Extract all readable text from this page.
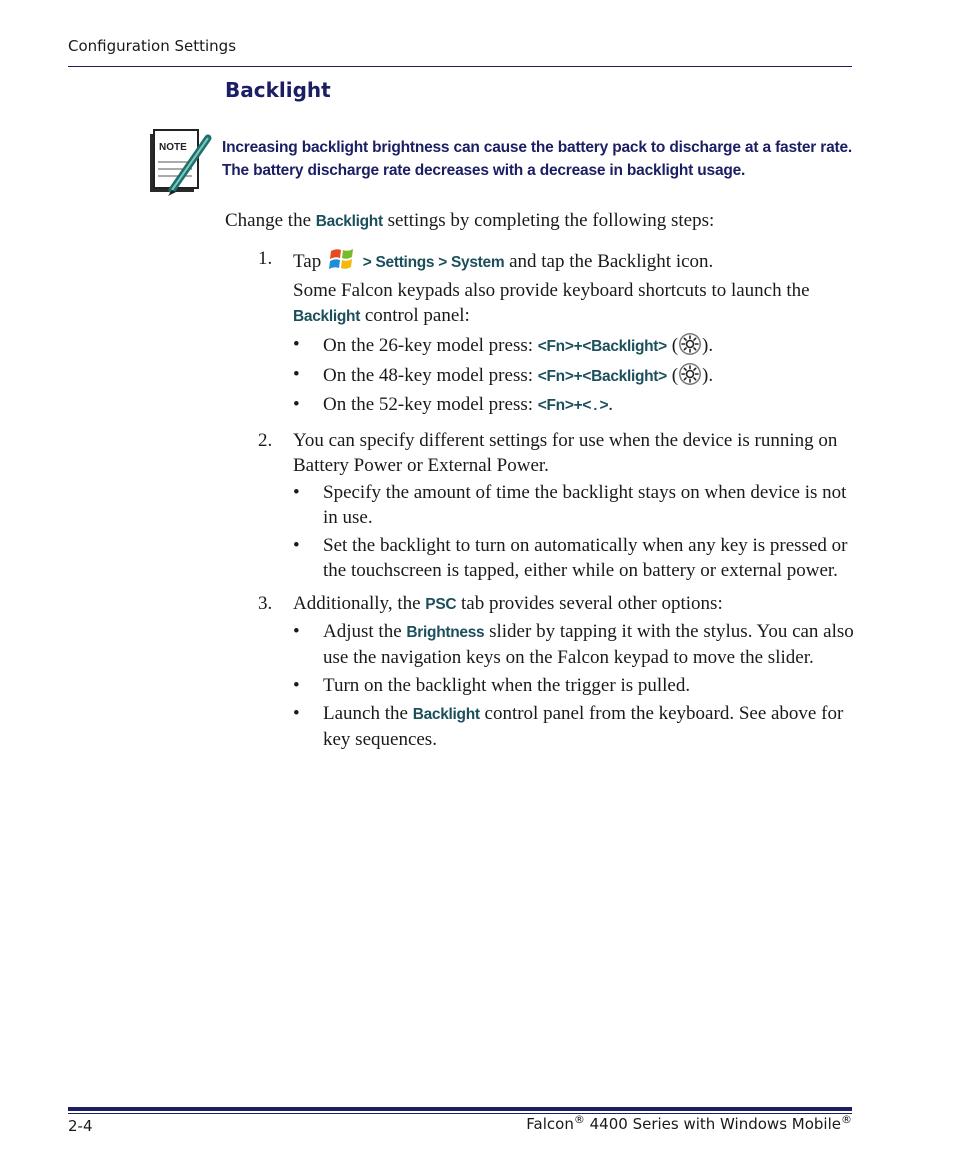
Configuration Settings
Backlight
NOTE Increasing backlight brightness can cause the battery pack to discharge at a faster rate. The battery discharge rate decreases with a decrease in backlight usage.
Change the Backlight settings by completing the following steps:
1. Tap	> Settings > System and tap the Backlight icon.
Some Falcon keypads also provide keyboard shortcuts to launch the Backlight control panel:
• On the 26-key model press: <Fn>+<Backlight> ( ).
• On the 48-key model press: <Fn>+<Backlight> ( ).
• On the 52-key model press: <Fn>+<.>.
2. You can specify different settings for use when the device is running on Battery Power or External Power.
• Specify the amount of time the backlight stays on when device is not in use.
• Set the backlight to turn on automatically when any key is pressed or the touchscreen is tapped, either while on battery or external power.
3. Additionally, the PSC tab provides several other options:
• Adjust the Brightness slider by tapping it with the stylus. You can also use the navigation keys on the Falcon keypad to move the slider.
• Turn on the backlight when the trigger is pulled.
• Launch the Backlight control panel from the keyboard. See above for key sequences.
2-4	Falcon® 4400 Series with Windows Mobile®
